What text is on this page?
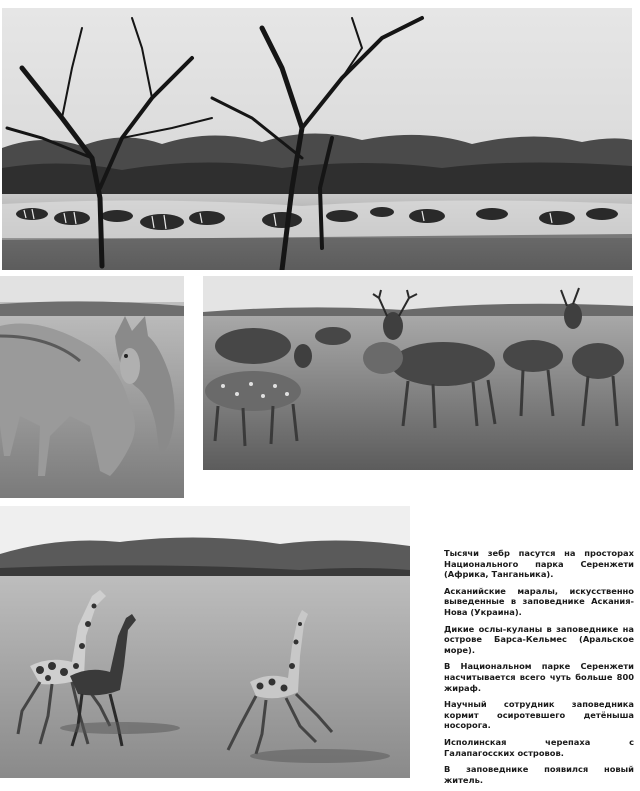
Тысячи зебр пасутся на просторах Национального парка Серенжети (Африка, Танганьика).

Асканийские маралы, искусственно выведенные в заповеднике Аскания-Нова (Украина).

Дикие ослы-куланы в заповеднике на острове Барса-Кельмес (Аральское море).

В Национальном парке Серенжети насчитывается всего чуть больше 800 жираф.

Научный сотрудник заповедника кормит осиротевшего детёныша носорога.

Исполинская черепаха с Галапагосских островов.

В заповеднике появился новый житель.
